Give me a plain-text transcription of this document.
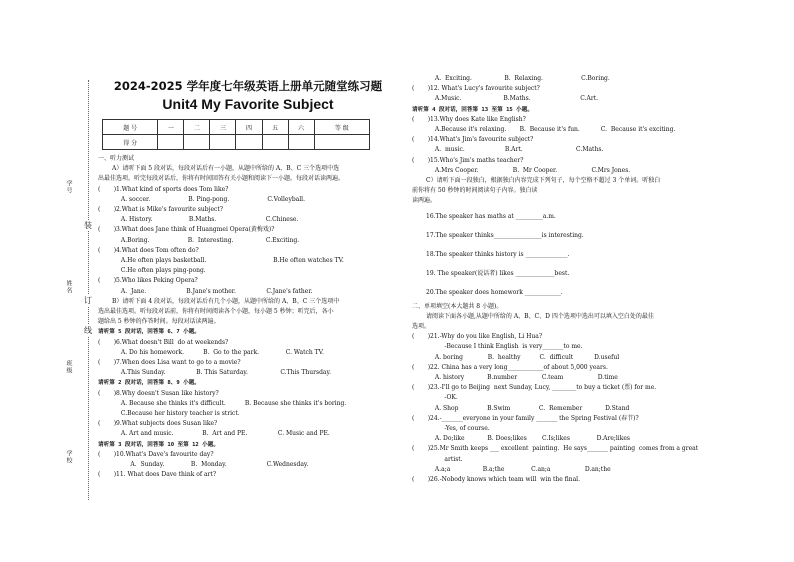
学号
姓名
班级
学校
装
订
线

2024-2025 学年度七年级英语上册单元随堂练习题

Unit4 My Favorite Subject

题 号	一	二	三	四	五	六	等 级
得 分							
一、听力测试
A）请听下面 5 段对话，每段对话后有一小题，从题中所给的 A、B、C 三个选项中选
出最佳选项。听完每段对话后，你将有时间回答有关小题和阅读下一小题。每段对话读两遍。
(       )1.What kind of sports does Tom like?
A. soccer.                    B. Ping-pong.                    C.Volleyball.
(       )2.What is Mike's favourite subject?
A. History.                   B.Maths.                          C.Chinese.
(       )3.What does Jane think of Huangmei Opera(黄梅戏)?
A.Boring.                    B.  Interesting.                 C.Exciting.
(       )4.What does Tom often do?
A.He often plays basketball.                                   B.He often watches TV.
C.He often plays ping-pong.
(       )5.Who likes Peking Opera?
A.  Jane.                     B.Jane's mother.                C.Jane's father.
B）请听下面 4 段对话，每段对话后有几个小题，从题中所给的 A、B、C 三个选项中
选出最佳选项。听每段对话前，你将有时间阅读各个小题，每小题 5 秒钟；听完后，各小
题给出 5 秒钟的作答时间。每段对话读两遍。
请听第 5 段对话，回答第 6、7 小题。
(       )6.What doesn't Bill  do at weekends?
A. Do his homework.          B.  Go to the park.              C. Watch TV.
(       )7.When does Lisa want to go to a movie?
A.This Sunday.                B. This Saturday.                 C.This Thursday.
请听第 2 段对话，回答第 8、9 小题。
(       )8.Why doesn't Susan like history?
A. Because she thinks it's difficult.          B. Because she thinks it's boring.
C.Because her history teacher is strict.
(       )9.What subjects does Susan like?
A. Art and music.               B.  Art and PE.                C. Music and PE.
请听第 3 段对话，回答第 10 至第 12 小题。
(       )10.What's Dave's favourite day?
A.  Sunday.              B.  Monday.                     C.Wednesday.
(       )11. What does Dave think of art?
A.  Exciting.                 B.  Relaxing.                    C.Boring.
(       )12. What's Lucy's favourite subject?
A.Music.                      B.Maths.                          C.Art.
请听第 4 段对话，回答第 13 至第 15 小题。
(       )13.Why does Kate like English?
A.Because it's relaxing.       B.  Because it's fun.           C.  Because it's exciting.
(       )14.What's Jim's favourite subject?
A.  music.                     B.Art.                            C.Maths.
(       )15.Who's Jim's maths teacher?
A.Mrs Cooper.                  B.  Mr Cooper.                  C.Mrs Jones.
C）请听下面一段独白，根据独白内容完成下列句子，每个空格不超过 3 个单词。听独白
前你将有 50 秒钟的时间阅读句子内容。独白读
读两遍。
16.The speaker has maths at _________a.m.
17.The speaker thinks________________is interesting.
18.The speaker thinks history is ______________.
19. The speaker(说话者) likes _____________best.
20.The speaker does homework ____________.
二、单项填空(本大题共 8 小题)。
请阅读下面各小题,从题中所给的 A、B、C、D 四个选项中选出可以填入空白处的最佳
选项。
(       )21.-Why do you like English, Li Hua?
-Because I think English  is very_______to me.
A. boring             B.  healthy          C.  difficult           D.useful
(       )22. China has a very long____________of about 5,000 years.
A. history            B.number             C.team                  D.time
(       )23.-I'll go to Beijing  next Sunday, Lucy, ________to buy a ticket (票) for me.
-OK.
A. Shop               B.Swim               C.  Remember            D.Stand
(       )24.-_______everyone in your family _______ the Spring Festival (春节)?
-Yes, of course.
A. Do;like            B. Does;likes        C.Is;likes              D.Are;likes
(       )25.Mr Smith keeps ___ excellent  painting.  He says_______ painting  comes from a great
artist.
A.a;a                 B.a;the              C.an;a                  D.an;the
(       )26.-Nobody knows which team will  win the final.
